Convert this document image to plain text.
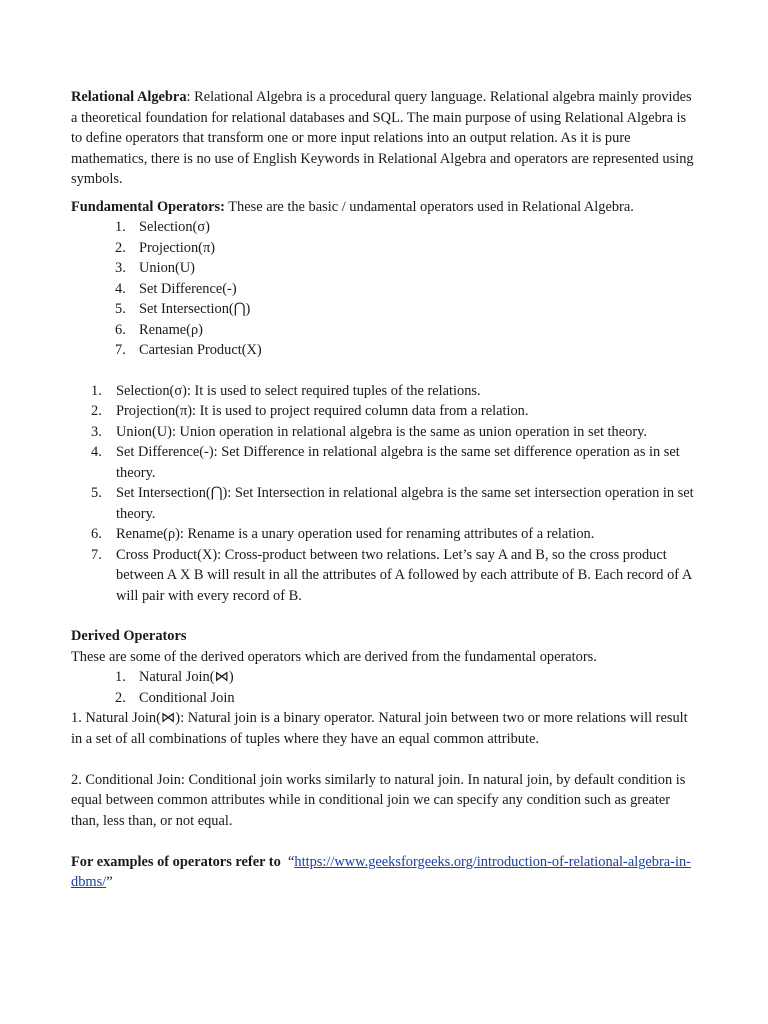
Relational Algebra: Relational Algebra is a procedural query language. Relational algebra mainly provides a theoretical foundation for relational databases and SQL. The main purpose of using Relational Algebra is to define operators that transform one or more input relations into an output relation. As it is pure mathematics, there is no use of English Keywords in Relational Algebra and operators are represented using symbols.

Fundamental Operators: These are the basic / undamental operators used in Relational Algebra.

1. Selection(σ)
2. Projection(π)
3. Union(U)
4. Set Difference(-)
5. Set Intersection(⋂)
6. Rename(ρ)
7. Cartesian Product(X)
1. Selection(σ): It is used to select required tuples of the relations.
2. Projection(π): It is used to project required column data from a relation.
3. Union(U): Union operation in relational algebra is the same as union operation in set theory.
4. Set Difference(-): Set Difference in relational algebra is the same set difference operation as in set theory.
5. Set Intersection(⋂): Set Intersection in relational algebra is the same set intersection operation in set theory.
6. Rename(ρ): Rename is a unary operation used for renaming attributes of a relation.
7. Cross Product(X): Cross-product between two relations. Let’s say A and B, so the cross product between A X B will result in all the attributes of A followed by each attribute of B. Each record of A will pair with every record of B.

Derived Operators

These are some of the derived operators which are derived from the fundamental operators.

1. Natural Join(⋈)
2. Conditional Join

1. Natural Join(⋈): Natural join is a binary operator. Natural join between two or more relations will result in a set of all combinations of tuples where they have an equal common attribute.

2. Conditional Join: Conditional join works similarly to natural join. In natural join, by default condition is equal between common attributes while in conditional join we can specify any condition such as greater than, less than, or not equal.

For examples of operators refer to  “https://www.geeksforgeeks.org/introduction-of-relational-algebra-in-dbms/”
